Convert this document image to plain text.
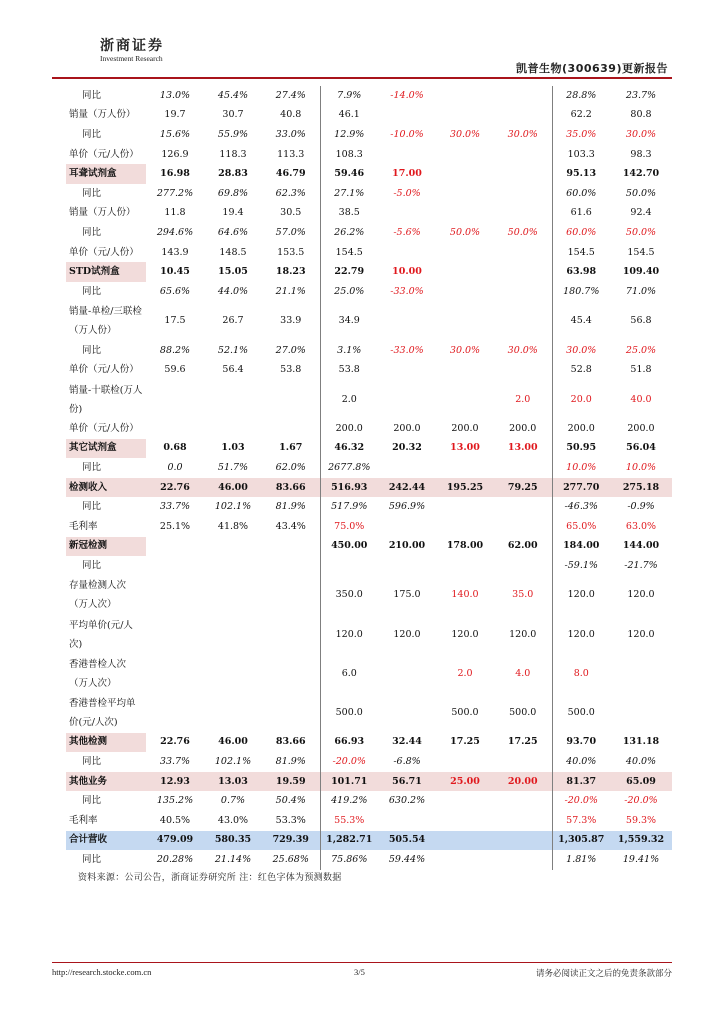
浙商证券
Investment Research
凯普生物(300639)更新报告
同比	13.0%	45.4%	27.4%	7.9%	-14.0%			28.8%	23.7%
销量（万人份）	19.7	30.7	40.8	46.1				62.2	80.8
同比	15.6%	55.9%	33.0%	12.9%	-10.0%	30.0%	30.0%	35.0%	30.0%
单价（元/人份）	126.9	118.3	113.3	108.3				103.3	98.3
耳聋试剂盒	16.98	28.83	46.79	59.46	17.00			95.13	142.70
同比	277.2%	69.8%	62.3%	27.1%	-5.0%			60.0%	50.0%
销量（万人份）	11.8	19.4	30.5	38.5				61.6	92.4
同比	294.6%	64.6%	57.0%	26.2%	-5.6%	50.0%	50.0%	60.0%	50.0%
单价（元/人份）	143.9	148.5	153.5	154.5				154.5	154.5
STD试剂盒	10.45	15.05	18.23	22.79	10.00			63.98	109.40
同比	65.6%	44.0%	21.1%	25.0%	-33.0%			180.7%	71.0%
销量-单检/三联检（万人份）	17.5	26.7	33.9	34.9				45.4	56.8
同比	88.2%	52.1%	27.0%	3.1%	-33.0%	30.0%	30.0%	30.0%	25.0%
单价（元/人份）	59.6	56.4	53.8	53.8				52.8	51.8
销量-十联检(万人份)				2.0			2.0	20.0	40.0
单价（元/人份）				200.0	200.0	200.0	200.0	200.0	200.0
其它试剂盒	0.68	1.03	1.67	46.32	20.32	13.00	13.00	50.95	56.04
同比	0.0	51.7%	62.0%	2677.8%				10.0%	10.0%
检测收入	22.76	46.00	83.66	516.93	242.44	195.25	79.25	277.70	275.18
同比	33.7%	102.1%	81.9%	517.9%	596.9%			-46.3%	-0.9%
毛利率	25.1%	41.8%	43.4%	75.0%				65.0%	63.0%
新冠检测				450.00	210.00	178.00	62.00	184.00	144.00
同比								-59.1%	-21.7%
存量检测人次（万人次）				350.0	175.0	140.0	35.0	120.0	120.0
平均单价(元/人次)				120.0	120.0	120.0	120.0	120.0	120.0
香港普检人次（万人次）				6.0		2.0	4.0	8.0	
香港普检平均单价(元/人次)				500.0		500.0	500.0	500.0	
其他检测	22.76	46.00	83.66	66.93	32.44	17.25	17.25	93.70	131.18
同比	33.7%	102.1%	81.9%	-20.0%	-6.8%			40.0%	40.0%
其他业务	12.93	13.03	19.59	101.71	56.71	25.00	20.00	81.37	65.09
同比	135.2%	0.7%	50.4%	419.2%	630.2%			-20.0%	-20.0%
毛利率	40.5%	43.0%	53.3%	55.3%				57.3%	59.3%
合计营收	479.09	580.35	729.39	1,282.71	505.54			1,305.87	1,559.32
同比	20.28%	21.14%	25.68%	75.86%	59.44%			1.81%	19.41%
资料来源：公司公告，浙商证券研究所 注：红色字体为预测数据
http://research.stocke.com.cn	3/5	请务必阅读正文之后的免责条款部分
